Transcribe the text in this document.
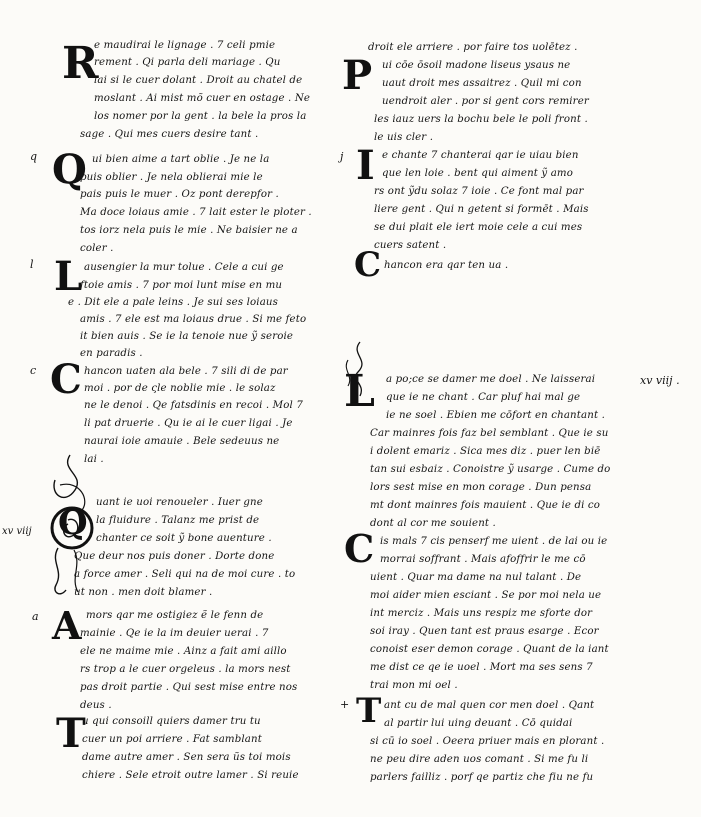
R
e maudirai le lignage . 7 celi pmie
rement . Qi parla deli mariage . Qu
lai si le cuer dolant . Droit au chatel de
moslant . Ai mist mõ cuer en ostage . Ne
los nomer por la gent . la bele la pros la
sage . Qui mes cuers desire tant .
q Q ui bien aime a tart oblie . Je ne la
puis oblier . Je nela oblierai mie le
pais puis le muer . Oz pont derepfor .
Ma doce loiaus amie . 7 lait ester le ploter .
tos iorz nela puis le mie . Ne baisier ne a
coler .
l L ausengier la mur tolue . Cele a cui ge
ftoie amis . 7 por moi lunt mise en mu
e . Dit ele a pale leins . Je sui ses loiaus
amis . 7 ele est ma loiaus drue . Si me feto
it bien auis . Se ie la tenoie nue ỹ seroie
en paradis .
c C hancon uaten ala bele . 7 sili di de par
moi . por de ςle noblie mie . le solaz
ne le denoi . Qe fatsdinis en recoi . Mol 7
li pat druerie . Qu ie ai le cuer ligai . Je
naurai ioie amauie . Bele sedeuus ne
lai .
xv viij Q
uant ie uoi renoueler . Iuer gne
la fluidure . Talanz me prist de
chanter ce soit ỹ bone auenture .
Que deur nos puis doner . Dorte done
a force amer . Seli qui na de moi cure . to
ut non . men doit blamer .
a A mors qar me ostigiez ẽ le fenn de
mainie . Qe ie la im deuier uerai . 7
ele ne maime mie . Ainz a fait ami aillo
rs trop a le cuer orgeleus . la mors nest
pas droit partie . Qui sest mise entre nos
deus .
T
u qui consoill quiers damer tru tu
cuer un poi arriere . Fat samblant
dame autre amer . Sen sera ũs toi mois
chiere . Sele etroit outre lamer . Si reuie
droit ele arriere . por faire tos uolētez .
P ui cōe ōsoil madone liseus ysaus ne
uaut droit mes assaitrez . Quil mi con
uendroit aler . por si gent cors remirer
les iauz uers la bochu bele le poli front .
le uis cler .
j I e chante 7 chanterai qar ie uiau bien
que len loie . bent qui aiment ỹ amo
rs ont ỹdu solaz 7 ioie . Ce font mal par
liere gent . Qui n getent si formēt . Mais
se dui plait ele iert moie cele a cui mes
cuers satent .
C hancon era qar ten ua .
L a po;ce se damer me doel . Ne laisserai
que ie ne chant . Car pluf hai mal ge
ie ne soel . Ebien me cōfort en chantant .
Car mainres fois faz bel semblant . Que ie su
i dolent emariz . Sica mes diz . puer len biē
tan sui esbaiz . Conoistre ỹ usarge . Cume do
lors sest mise en mon corage . Dun pensa
mt dont mainres fois mauient . Que ie di co
dont al cor me souient .
C is mals 7 cis penserf me uient . de lai ou ie
morrai soffrant . Mais afoffrir le me cō
uient . Quar ma dame na nul talant . De
moi aider mien esciant . Se por moi nela ue
int merciz . Mais uns respiz me sforte dor
soi iray . Quen tant est praus esarge . Ecor
conoist eser demon corage . Quant de la iant
me dist ce qe ie uoel . Mort ma ses sens 7
trai mon mi oel .
+ T ant cu de mal quen cor men doel . Qant
al partir lui uing deuant . Cō quidai
si cū io soel . Oeera priuer mais en plorant .
ne peu dire aden uos comant . Si me fu li
parlers failliz . porf qe partiz che fiu ne fu
xv viij .
